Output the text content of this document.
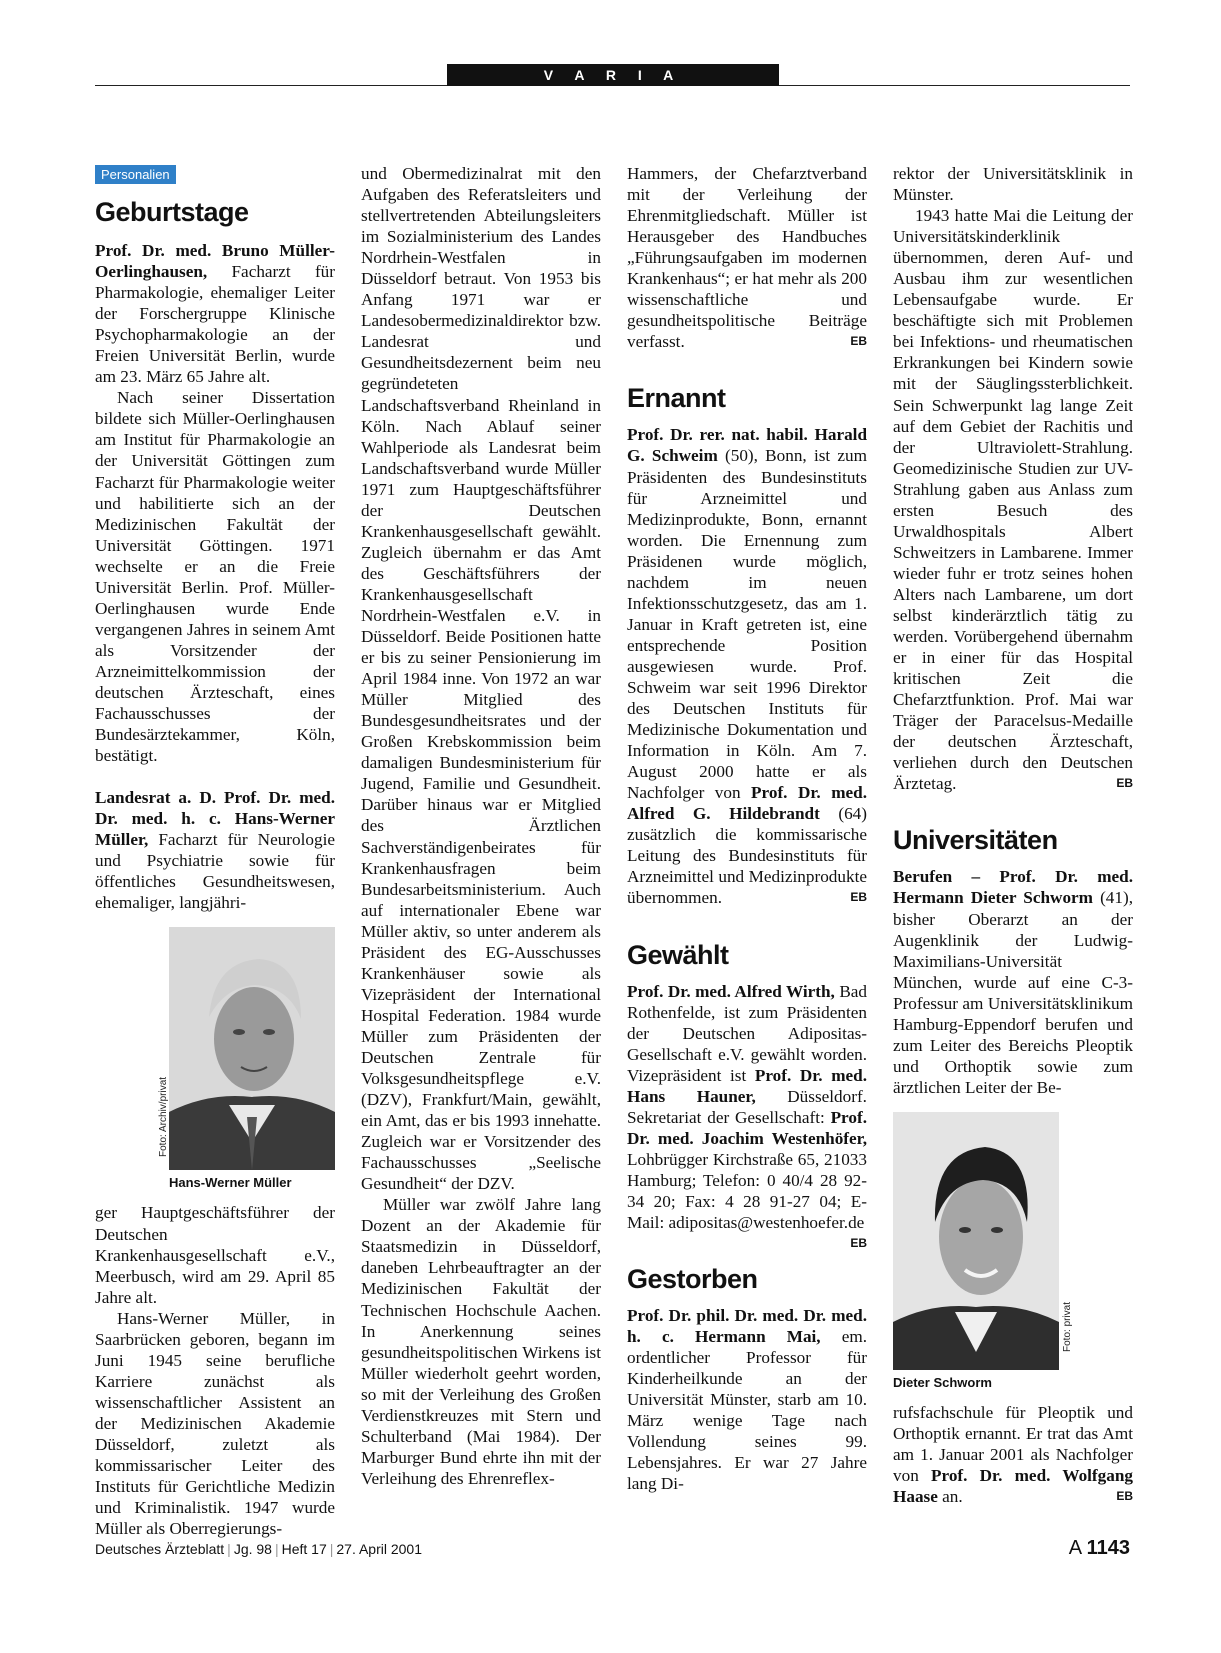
V A R I A
Personalien
Geburtstage

Prof. Dr. med. Bruno Müller-Oerlinghausen, Facharzt für Pharmakologie, ehemaliger Leiter der Forschergruppe Klinische Psychopharmakologie an der Freien Universität Berlin, wurde am 23. März 65 Jahre alt.

Nach seiner Dissertation bildete sich Müller-Oerlinghausen am Institut für Pharmakologie an der Universität Göttingen zum Facharzt für Pharmakologie weiter und habilitierte sich an der Medizinischen Fakultät der Universität Göttingen. 1971 wechselte er an die Freie Universität Berlin. Prof. Müller-Oerlinghausen wurde Ende vergangenen Jahres in seinem Amt als Vorsitzender der Arzneimittelkommission der deutschen Ärzteschaft, eines Fachausschusses der Bundesärztekammer, Köln, bestätigt.

Landesrat a. D. Prof. Dr. med. Dr. med. h. c. Hans-Werner Müller, Facharzt für Neurologie und Psychiatrie sowie für öffentliches Gesundheitswesen, ehemaliger, langjähri-

Foto: Archiv/privat
Hans-Werner Müller

ger Hauptgeschäftsführer der Deutschen Krankenhausgesellschaft e.V., Meerbusch, wird am 29. April 85 Jahre alt.

Hans-Werner Müller, in Saarbrücken geboren, begann im Juni 1945 seine berufliche Karriere zunächst als wissenschaftlicher Assistent an der Medizinischen Akademie Düsseldorf, zuletzt als kommissarischer Leiter des Instituts für Gerichtliche Medizin und Kriminalistik. 1947 wurde Müller als Oberregierungs-

und Obermedizinalrat mit den Aufgaben des Referatsleiters und stellvertretenden Abteilungsleiters im Sozialministerium des Landes Nordrhein-Westfalen in Düsseldorf betraut. Von 1953 bis Anfang 1971 war er Landesobermedizinaldirektor bzw. Landesrat und Gesundheitsdezernent beim neu gegründeteten Landschaftsverband Rheinland in Köln. Nach Ablauf seiner Wahlperiode als Landesrat beim Landschaftsverband wurde Müller 1971 zum Hauptgeschäftsführer der Deutschen Krankenhausgesellschaft gewählt. Zugleich übernahm er das Amt des Geschäftsführers der Krankenhausgesellschaft Nordrhein-Westfalen e.V. in Düsseldorf. Beide Positionen hatte er bis zu seiner Pensionierung im April 1984 inne. Von 1972 an war Müller Mitglied des Bundesgesundheitsrates und der Großen Krebskommission beim damaligen Bundesministerium für Jugend, Familie und Gesundheit. Darüber hinaus war er Mitglied des Ärztlichen Sachverständigenbeirates für Krankenhausfragen beim Bundesarbeitsministerium. Auch auf internationaler Ebene war Müller aktiv, so unter anderem als Präsident des EG-Ausschusses Krankenhäuser sowie als Vizepräsident der International Hospital Federation. 1984 wurde Müller zum Präsidenten der Deutschen Zentrale für Volksgesundheitspflege e.V. (DZV), Frankfurt/Main, gewählt, ein Amt, das er bis 1993 innehatte. Zugleich war er Vorsitzender des Fachausschusses „Seelische Gesundheit“ der DZV.

Müller war zwölf Jahre lang Dozent an der Akademie für Staatsmedizin in Düsseldorf, daneben Lehrbeauftragter an der Medizinischen Fakultät der Technischen Hochschule Aachen. In Anerkennung seines gesundheitspolitischen Wirkens ist Müller wiederholt geehrt worden, so mit der Verleihung des Großen Verdienstkreuzes mit Stern und Schulterband (Mai 1984). Der Marburger Bund ehrte ihn mit der Verleihung des Ehrenreflex-

Hammers, der Chefarztverband mit der Verleihung der Ehrenmitgliedschaft. Müller ist Herausgeber des Handbuches „Führungsaufgaben im modernen Krankenhaus“; er hat mehr als 200 wissenschaftliche und gesundheitspolitische Beiträge verfasst.	EB

Ernannt

Prof. Dr. rer. nat. habil. Harald G. Schweim (50), Bonn, ist zum Präsidenten des Bundesinstituts für Arzneimittel und Medizinprodukte, Bonn, ernannt worden. Die Ernennung zum Präsidenen wurde möglich, nachdem im neuen Infektionsschutzgesetz, das am 1. Januar in Kraft getreten ist, eine entsprechende Position ausgewiesen wurde. Prof. Schweim war seit 1996 Direktor des Deutschen Instituts für Medizinische Dokumentation und Information in Köln. Am 7. August 2000 hatte er als Nachfolger von Prof. Dr. med. Alfred G. Hildebrandt (64) zusätzlich die kommissarische Leitung des Bundesinstituts für Arzneimittel und Medizinprodukte übernommen.	EB

Gewählt

Prof. Dr. med. Alfred Wirth, Bad Rothenfelde, ist zum Präsidenten der Deutschen Adipositas-Gesellschaft e.V. gewählt worden. Vizepräsident ist Prof. Dr. med. Hans Hauner, Düsseldorf. Sekretariat der Gesellschaft: Prof. Dr. med. Joachim Westenhöfer, Lohbrügger Kirchstraße 65, 21033 Hamburg; Telefon: 0 40/4 28 92-34 20; Fax: 4 28 91-27 04; E-Mail: adipositas@westenhoefer.de
EB

Gestorben

Prof. Dr. phil. Dr. med. Dr. med. h. c. Hermann Mai, em. ordentlicher Professor für Kinderheilkunde an der Universität Münster, starb am 10. März wenige Tage nach Vollendung seines 99. Lebensjahres. Er war 27 Jahre lang Di-

rektor der Universitätsklinik in Münster.

1943 hatte Mai die Leitung der Universitätskinderklinik übernommen, deren Auf- und Ausbau ihm zur wesentlichen Lebensaufgabe wurde. Er beschäftigte sich mit Problemen bei Infektions- und rheumatischen Erkrankungen bei Kindern sowie mit der Säuglingssterblichkeit. Sein Schwerpunkt lag lange Zeit auf dem Gebiet der Rachitis und der Ultraviolett-Strahlung. Geomedizinische Studien zur UV-Strahlung gaben aus Anlass zum ersten Besuch des Urwaldhospitals Albert Schweitzers in Lambarene. Immer wieder fuhr er trotz seines hohen Alters nach Lambarene, um dort selbst kinderärztlich tätig zu werden. Vorübergehend übernahm er in einer für das Hospital kritischen Zeit die Chefarztfunktion. Prof. Mai war Träger der Paracelsus-Medaille der deutschen Ärzteschaft, verliehen durch den Deutschen Ärztetag.	EB

Universitäten

Berufen – Prof. Dr. med. Hermann Dieter Schworm (41), bisher Oberarzt an der Augenklinik der Ludwig-Maximilians-Universität München, wurde auf eine C-3-Professur am Universitätsklinikum Hamburg-Eppendorf berufen und zum Leiter des Bereichs Pleoptik und Orthoptik sowie zum ärztlichen Leiter der Be-

Foto: privat
Dieter Schworm

rufsfachschule für Pleoptik und Orthoptik ernannt. Er trat das Amt am 1. Januar 2001 als Nachfolger von Prof. Dr. med. Wolfgang Haase an.	EB

Deutsches Ärzteblatt | Jg. 98 | Heft 17 | 27. April 2001	A 1143
